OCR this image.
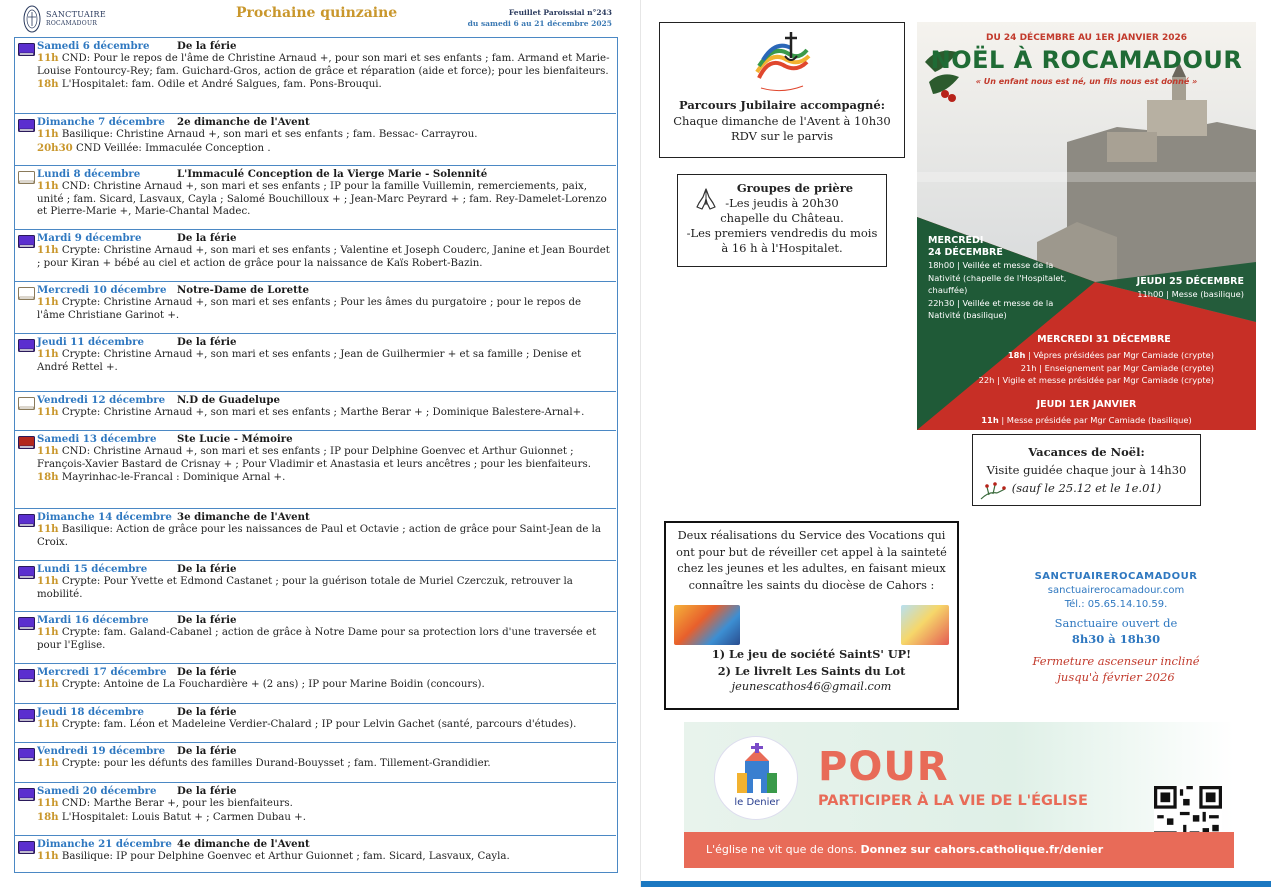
SANCTUAIRE
ROCAMADOUR
Prochaine quinzaine	Feuillet Paroissial n°243
du samedi 6 au 21 décembre 2025
Samedi 6 décembre	De la férie
11h CND: Pour le repos de l'âme de Christine Arnaud +, pour son mari et ses enfants ; fam. Armand et Marie-Louise Fontourcy-Rey; fam. Guichard-Gros, action de grâce et réparation (aide et force); pour les bienfaiteurs.
18h L'Hospitalet: fam. Odile et André Salgues, fam. Pons-Brouqui.
Dimanche 7 décembre	2e dimanche de l'Avent
11h Basilique: Christine Arnaud +, son mari et ses enfants ; fam. Bessac- Carrayrou.
20h30 CND Veillée: Immaculée Conception .
Lundi 8 décembre	L'Immaculé Conception de la Vierge Marie - Solennité
11h CND: Christine Arnaud +, son mari et ses enfants ; IP pour la famille Vuillemin, remerciements, paix, unité ; fam. Sicard, Lasvaux, Cayla ; Salomé Bouchilloux + ; Jean-Marc Peyrard + ; fam. Rey-Damelet-Lorenzo et Pierre-Marie +, Marie-Chantal Madec.
Mardi 9 décembre	De la férie
11h Crypte: Christine Arnaud +, son mari et ses enfants ; Valentine et Joseph Couderc, Janine et Jean Bourdet ; pour Kiran + bébé au ciel et action de grâce pour la naissance de Kaïs Robert-Bazin.
Mercredi 10 décembre	Notre-Dame de Lorette
11h Crypte: Christine Arnaud +, son mari et ses enfants ; Pour les âmes du purgatoire ; pour le repos de l'âme Christiane Garinot +.
Jeudi 11 décembre	De la férie
11h Crypte: Christine Arnaud +, son mari et ses enfants ; Jean de Guilhermier + et sa famille ; Denise et André Rettel +.
Vendredi 12 décembre	N.D de Guadelupe
11h Crypte: Christine Arnaud +, son mari et ses enfants ; Marthe Berar + ; Dominique Balestere-Arnal+.
Samedi 13 décembre	Ste Lucie - Mémoire
11h CND: Christine Arnaud +, son mari et ses enfants ; IP pour Delphine Goenvec et Arthur Guionnet ; François-Xavier Bastard de Crisnay + ; Pour Vladimir et Anastasia et leurs ancêtres ; pour les bienfaiteurs.
18h Mayrinhac-le-Francal : Dominique Arnal +.
Dimanche 14 décembre 3e dimanche de l'Avent
11h Basilique: Action de grâce pour les naissances de Paul et Octavie ; action de grâce pour Saint-Jean de la Croix.
Lundi 15 décembre	De la férie
11h Crypte: Pour Yvette et Edmond Castanet ; pour la guérison totale de Muriel Czerczuk, retrouver la mobilité.
Mardi 16 décembre	De la férie
11h Crypte: fam. Galand-Cabanel ; action de grâce à Notre Dame pour sa protection lors d'une traversée et pour l'Eglise.
Mercredi 17 décembre	De la férie
11h Crypte: Antoine de La Fouchardière + (2 ans) ; IP pour Marine Boidin (concours).
Jeudi 18 décembre	De la férie
11h Crypte: fam. Léon et Madeleine Verdier-Chalard ; IP pour Lelvin Gachet (santé, parcours d'études).
Vendredi 19 décembre	De la férie
11h Crypte: pour les défunts des familles Durand-Bouysset ; fam. Tillement-Grandidier.
Samedi 20 décembre	De la férie
11h CND: Marthe Berar +, pour les bienfaiteurs.
18h L'Hospitalet: Louis Batut + ; Carmen Dubau +.
Dimanche 21 décembre 4e dimanche de l'Avent
11h Basilique: IP pour Delphine Goenvec et Arthur Guionnet ; fam. Sicard, Lasvaux, Cayla.
Parcours Jubilaire accompagné:
Chaque dimanche de l'Avent à 10h30
RDV sur le parvis
Groupes de prière
-Les jeudis à 20h30
chapelle du Château.
-Les premiers vendredis du mois
à 16 h à l'Hospitalet.
DU 24 DÉCEMBRE AU 1ER JANVIER 2026
NOËL À ROCAMADOUR
« Un enfant nous est né, un fils nous est donné »
MERCREDI
24 DÉCEMBRE
18h00 | Veillée et messe de la
Nativité (chapelle de l'Hospitalet,
chauffée)
22h30 | Veillée et messe de la
Nativité (basilique)
JEUDI 25 DÉCEMBRE
11h00 | Messe (basilique)
MERCREDI 31 DÉCEMBRE
18h | Vêpres présidées par Mgr Camiade (crypte)
21h | Enseignement par Mgr Camiade (crypte)
22h | Vigile et messe présidée par Mgr Camiade (crypte)
JEUDI 1ER JANVIER
11h | Messe présidée par Mgr Camiade (basilique)
Vacances de Noël:
Visite guidée chaque jour à 14h30
(sauf le 25.12 et le 1e.01)
Deux réalisations du Service des Vocations qui ont pour but de réveiller cet appel à la sainteté chez les jeunes et les adultes, en faisant mieux connaître les saints du diocèse de Cahors :
1) Le jeu de société SaintS' UP!
2) Le livrelt Les Saints du Lot
jeunescathos46@gmail.com
SANCTUAIREROCAMADOUR
sanctuairerocamadour.com
Tél.: 05.65.14.10.59.
Sanctuaire ouvert de
8h30 à 18h30
Fermeture ascenseur incliné
jusqu'à février 2026
le Denier
POUR
PARTICIPER À LA VIE DE L'ÉGLISE
L'église ne vit que de dons. Donnez sur cahors.catholique.fr/denier
